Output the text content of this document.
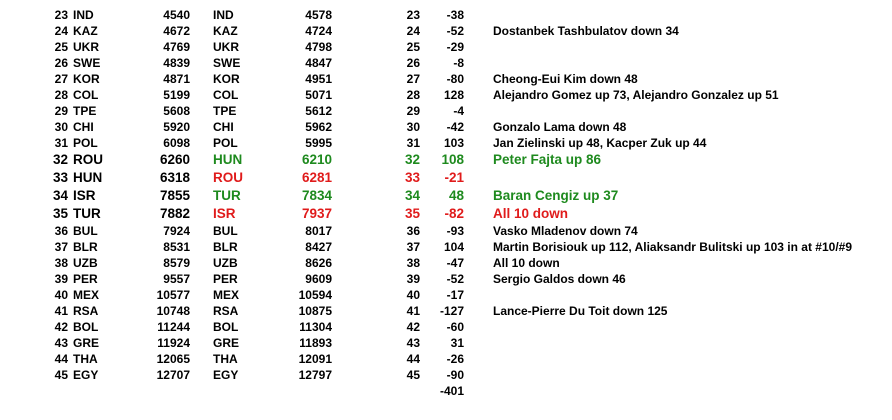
23 IND	4540 IND	4578	23	-38
24 KAZ	4672 KAZ	4724	24	-52 Dostanbek Tashbulatov down 34
25 UKR	4769 UKR	4798	25	-29
26 SWE	4839 SWE	4847	26	-8
27 KOR	4871 KOR	4951	27	-80 Cheong-Eui Kim down 48
28 COL	5199 COL	5071	28	128 Alejandro Gomez up 73, Alejandro Gonzalez up 51
29 TPE	5608 TPE	5612	29	-4
30 CHI	5920 CHI	5962	30	-42 Gonzalo Lama down 48
31 POL	6098 POL	5995	31	103 Jan Zielinski up 48, Kacper Zuk up 44
32 ROU	6260 HUN	6210	32	108 Peter Fajta up 86
33 HUN	6318 ROU	6281	33	-21
34 ISR	7855 TUR	7834	34	48 Baran Cengiz up 37
35 TUR	7882 ISR	7937	35	-82 All 10 down
36 BUL	7924 BUL	8017	36	-93 Vasko Mladenov down 74
37 BLR	8531 BLR	8427	37	104 Martin Borisiouk up 112, Aliaksandr Bulitski up 103 in at #10/#9
38 UZB	8579 UZB	8626	38	-47 All 10 down
39 PER	9557 PER	9609	39	-52 Sergio Galdos down 46
40 MEX	10577 MEX	10594	40	-17
41 RSA	10748 RSA	10875	41	-127 Lance-Pierre Du Toit down 125
42 BOL	11244 BOL	11304	42	-60
43 GRE	11924 GRE	11893	43	31
44 THA	12065 THA	12091	44	-26
45 EGY	12707 EGY	12797	45	-90
-401
